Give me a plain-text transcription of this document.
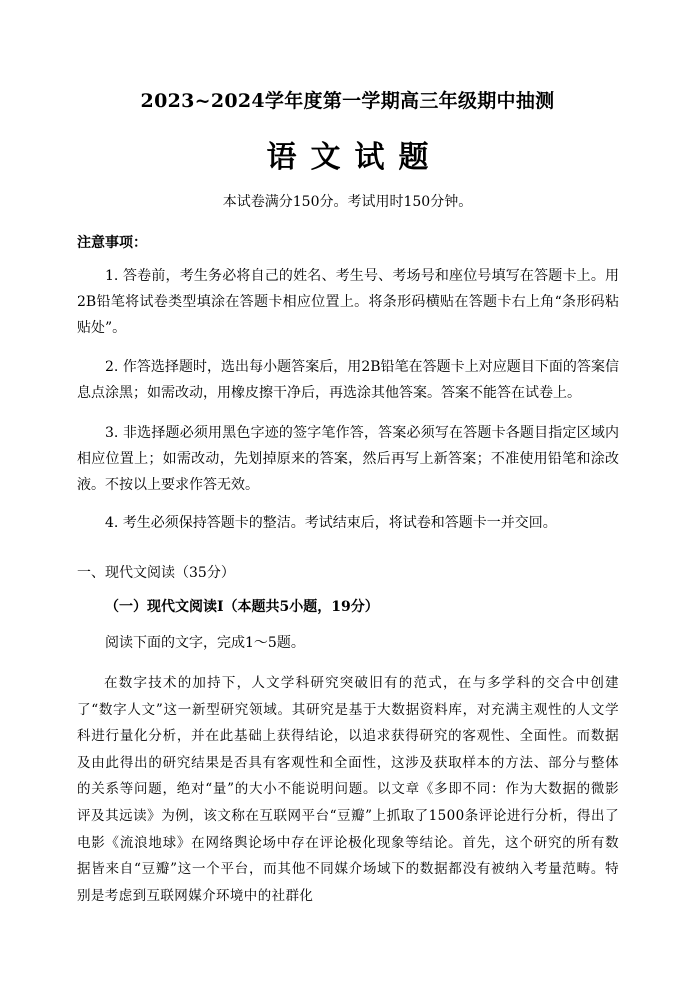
2023~2024学年度第一学期高三年级期中抽测
语文试题
本试卷满分150分。考试用时150分钟。
注意事项：

1. 答卷前，考生务必将自己的姓名、考生号、考场号和座位号填写在答题卡上。用2B铅笔将试卷类型填涂在答题卡相应位置上。将条形码横贴在答题卡右上角“条形码粘贴处”。

2. 作答选择题时，选出每小题答案后，用2B铅笔在答题卡上对应题目下面的答案信息点涂黑；如需改动，用橡皮擦干净后，再选涂其他答案。答案不能答在试卷上。

3. 非选择题必须用黑色字迹的签字笔作答，答案必须写在答题卡各题目指定区域内相应位置上；如需改动，先划掉原来的答案，然后再写上新答案；不准使用铅笔和涂改液。不按以上要求作答无效。

4. 考生必须保持答题卡的整洁。考试结束后，将试卷和答题卡一并交回。

一、现代文阅读（35分）
（一）现代文阅读Ⅰ（本题共5小题，19分）
阅读下面的文字，完成1～5题。

在数字技术的加持下，人文学科研究突破旧有的范式，在与多学科的交合中创建了“数字人文”这一新型研究领域。其研究是基于大数据资料库，对充满主观性的人文学科进行量化分析，并在此基础上获得结论，以追求获得研究的客观性、全面性。而数据及由此得出的研究结果是否具有客观性和全面性，这涉及获取样本的方法、部分与整体的关系等问题，绝对“量”的大小不能说明问题。以文章《多即不同：作为大数据的微影评及其远读》为例，该文称在互联网平台“豆瓣”上抓取了1500条评论进行分析，得出了电影《流浪地球》在网络舆论场中存在评论极化现象等结论。首先，这个研究的所有数据皆来自“豆瓣”这一个平台，而其他不同媒介场域下的数据都没有被纳入考量范畴。特别是考虑到互联网媒介环境中的社群化
